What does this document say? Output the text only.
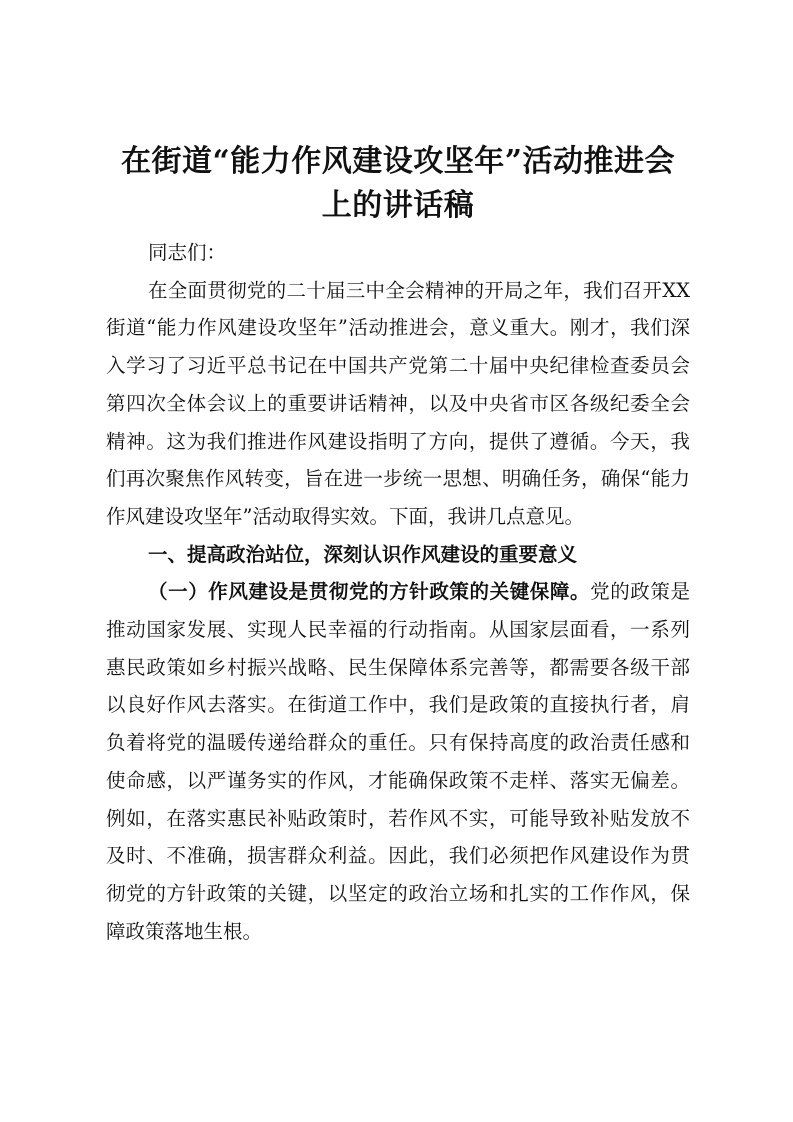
在街道“能力作风建设攻坚年”活动推进会上的讲话稿

同志们：

在全面贯彻党的二十届三中全会精神的开局之年，我们召开XX街道“能力作风建设攻坚年”活动推进会，意义重大。刚才，我们深入学习了习近平总书记在中国共产党第二十届中央纪律检查委员会第四次全体会议上的重要讲话精神，以及中央省市区各级纪委全会精神。这为我们推进作风建设指明了方向，提供了遵循。今天，我们再次聚焦作风转变，旨在进一步统一思想、明确任务，确保“能力作风建设攻坚年”活动取得实效。下面，我讲几点意见。

一、提高政治站位，深刻认识作风建设的重要意义

（一）作风建设是贯彻党的方针政策的关键保障。党的政策是推动国家发展、实现人民幸福的行动指南。从国家层面看，一系列惠民政策如乡村振兴战略、民生保障体系完善等，都需要各级干部以良好作风去落实。在街道工作中，我们是政策的直接执行者，肩负着将党的温暖传递给群众的重任。只有保持高度的政治责任感和使命感，以严谨务实的作风，才能确保政策不走样、落实无偏差。例如，在落实惠民补贴政策时，若作风不实，可能导致补贴发放不及时、不准确，损害群众利益。因此，我们必须把作风建设作为贯彻党的方针政策的关键，以坚定的政治立场和扎实的工作作风，保障政策落地生根。
